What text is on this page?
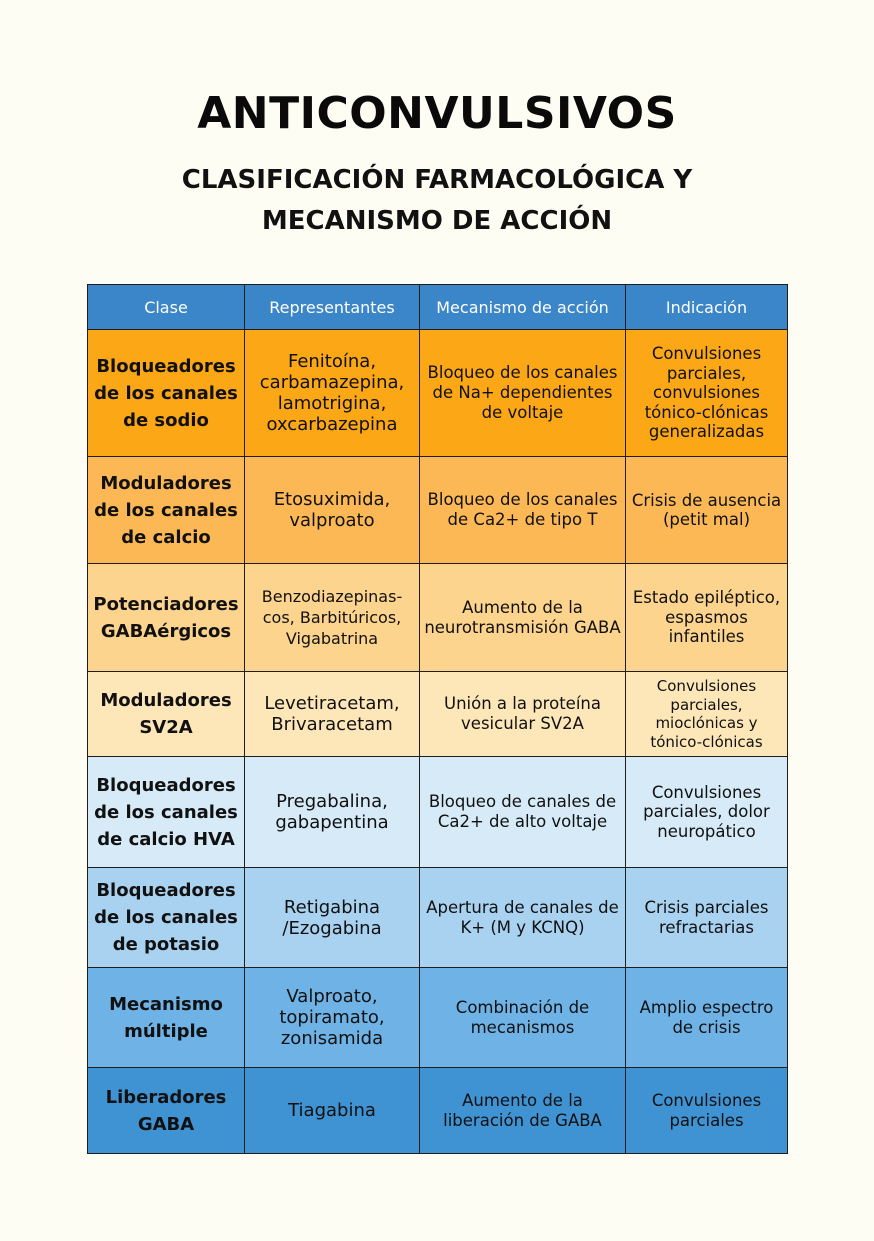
ANTICONVULSIVOS
CLASIFICACIÓN FARMACOLÓGICA Y
MECANISMO DE ACCIÓN
Clase	Representantes	Mecanismo de acción	Indicación
Bloqueadores de los canales de sodio	Fenitoína, carbamazepina, lamotrigina, oxcarbazepina	Bloqueo de los canales de Na+ dependientes de voltaje	Convulsiones parciales, convulsiones tónico-clónicas generalizadas
Moduladores de los canales de calcio	Etosuximida, valproato	Bloqueo de los canales de Ca2+ de tipo T	Crisis de ausencia (petit mal)
Potenciadores GABAérgicos	Benzodiazepinas-cos, Barbitúricos, Vigabatrina	Aumento de la neurotransmisión GABA	Estado epiléptico, espasmos infantiles
Moduladores SV2A	Levetiracetam, Brivaracetam	Unión a la proteína vesicular SV2A	Convulsiones parciales, mioclónicas y tónico-clónicas
Bloqueadores de los canales de calcio HVA	Pregabalina, gabapentina	Bloqueo de canales de Ca2+ de alto voltaje	Convulsiones parciales, dolor neuropático
Bloqueadores de los canales de potasio	Retigabina /Ezogabina	Apertura de canales de K+ (M y KCNQ)	Crisis parciales refractarias
Mecanismo múltiple	Valproato, topiramato, zonisamida	Combinación de mecanismos	Amplio espectro de crisis
Liberadores GABA	Tiagabina	Aumento de la liberación de GABA	Convulsiones parciales
